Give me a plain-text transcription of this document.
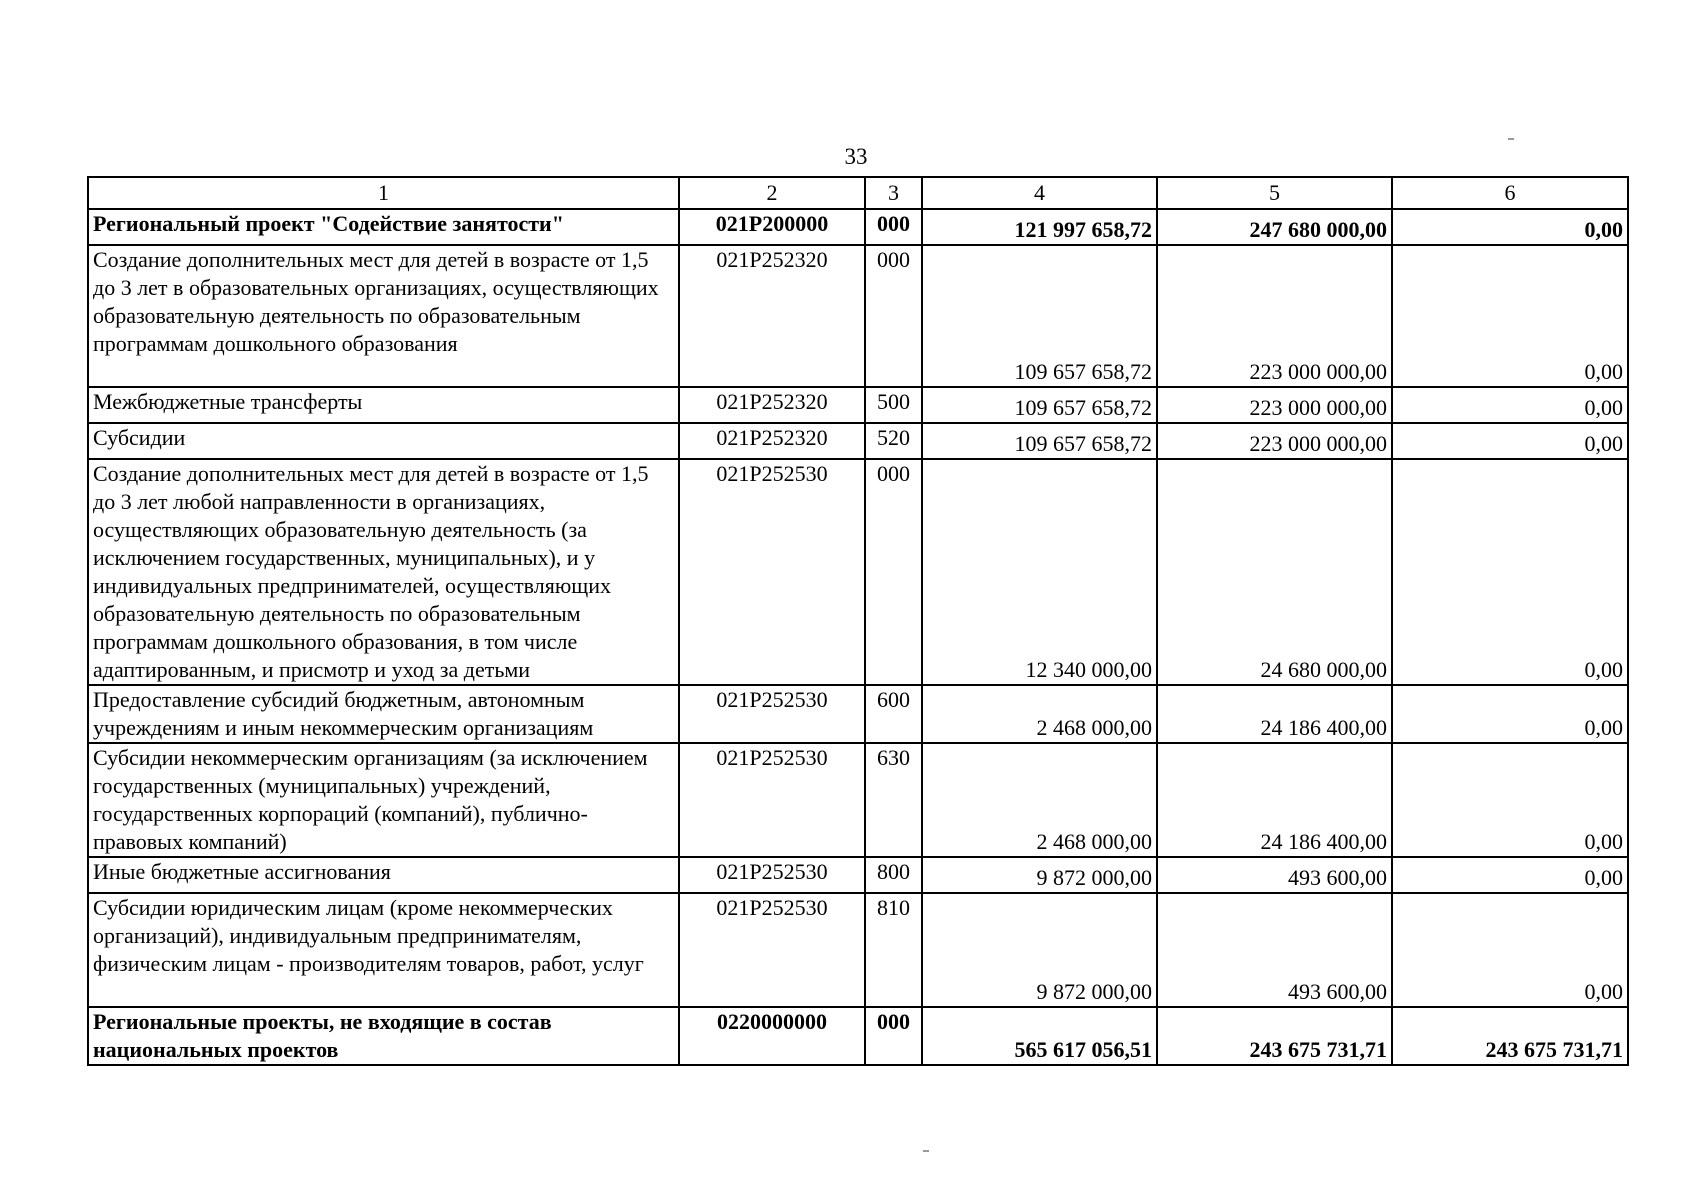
33
1	2	3	4	5	6
Региональный проект "Содействие занятости"	021P200000	000	121 997 658,72	247 680 000,00	0,00
Создание дополнительных мест для детей в возрасте от 1,5 до 3 лет в образовательных организациях, осуществляющих образовательную деятельность по образовательным программам дошкольного образования	021P252320	000	109 657 658,72	223 000 000,00	0,00
Межбюджетные трансферты	021P252320	500	109 657 658,72	223 000 000,00	0,00
Субсидии	021P252320	520	109 657 658,72	223 000 000,00	0,00
Создание дополнительных мест для детей в возрасте от 1,5 до 3 лет любой направленности в организациях, осуществляющих образовательную деятельность (за исключением государственных, муниципальных), и у индивидуальных предпринимателей, осуществляющих образовательную деятельность по образовательным программам дошкольного образования, в том числе адаптированным, и присмотр и уход за детьми	021P252530	000	12 340 000,00	24 680 000,00	0,00
Предоставление субсидий бюджетным, автономным учреждениям и иным некоммерческим организациям	021P252530	600	2 468 000,00	24 186 400,00	0,00
Субсидии некоммерческим организациям (за исключением государственных (муниципальных) учреждений, государственных корпораций (компаний), публично-правовых компаний)	021P252530	630	2 468 000,00	24 186 400,00	0,00
Иные бюджетные ассигнования	021P252530	800	9 872 000,00	493 600,00	0,00
Субсидии юридическим лицам (кроме некоммерческих организаций), индивидуальным предпринимателям, физическим лицам - производителям товаров, работ, услуг	021P252530	810	9 872 000,00	493 600,00	0,00
Региональные проекты, не входящие в состав национальных проектов	0220000000	000	565 617 056,51	243 675 731,71	243 675 731,71
